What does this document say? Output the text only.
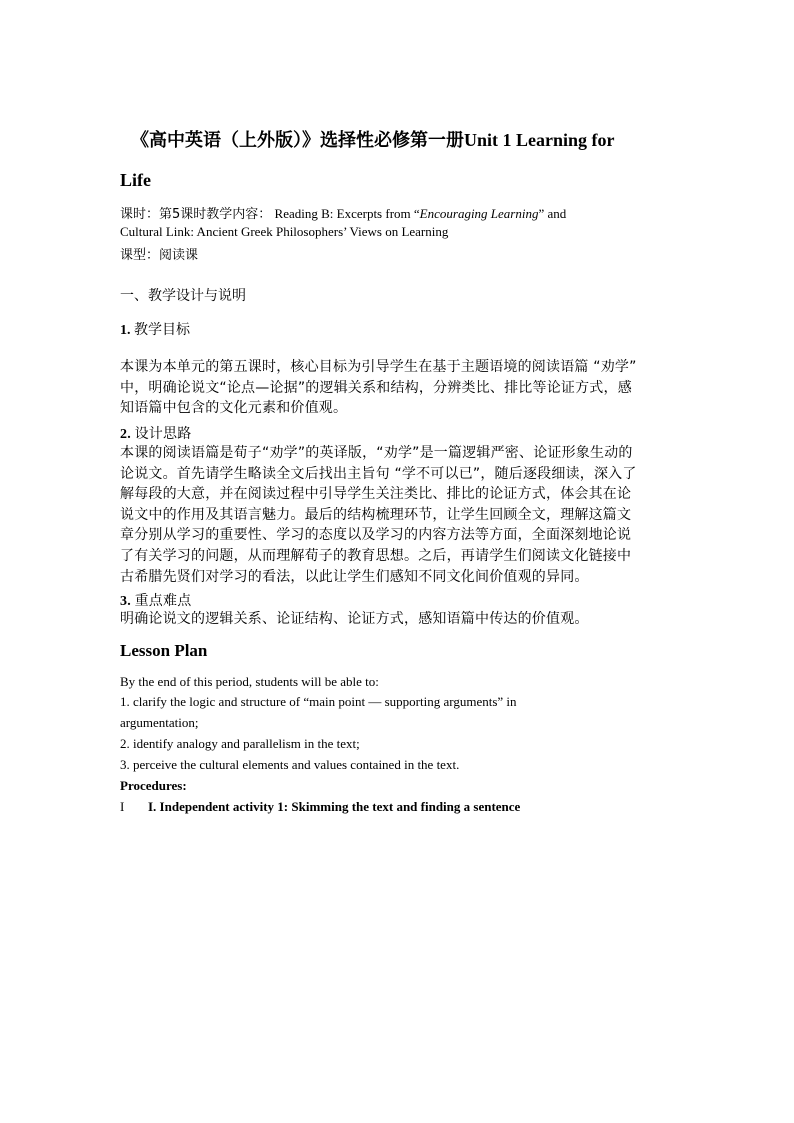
《高中英语（上外版）》选择性必修第一册Unit 1 Learning for
Life
课时：第5课时教学内容： Reading B: Excerpts from “Encouraging Learning” and
Cultural Link: Ancient Greek Philosophers’ Views on Learning
课型：阅读课
一、教学设计与说明
1. 教学目标

本课为本单元的第五课时，核心目标为引导学生在基于主题语境的阅读语篇 “劝学”

中，明确论说文“论点—论据”的逻辑关系和结构，分辨类比、排比等论证方式，感

知语篇中包含的文化元素和价值观。

2. 设计思路

本课的阅读语篇是荀子“劝学”的英译版，“劝学”是一篇逻辑严密、论证形象生动的

论说文。首先请学生略读全文后找出主旨句 “学不可以已”，随后逐段细读，深入了

解每段的大意，并在阅读过程中引导学生关注类比、排比的论证方式，体会其在论

说文中的作用及其语言魅力。最后的结构梳理环节，让学生回顾全文，理解这篇文

章分别从学习的重要性、学习的态度以及学习的内容方法等方面，全面深刻地论说

了有关学习的问题，从而理解荀子的教育思想。之后，再请学生们阅读文化链接中

古希腊先贤们对学习的看法，以此让学生们感知不同文化间价值观的异同。

3. 重点难点

明确论说文的逻辑关系、论证结构、论证方式，感知语篇中传达的价值观。

Lesson Plan
By the end of this period, students will be able to:
1. clarify the logic and structure of “main point — supporting arguments” in
argumentation;
2. identify analogy and parallelism in the text;
3. perceive the cultural elements and values contained in the text.
Procedures:
I I. Independent activity 1: Skimming the text and finding a sentence
